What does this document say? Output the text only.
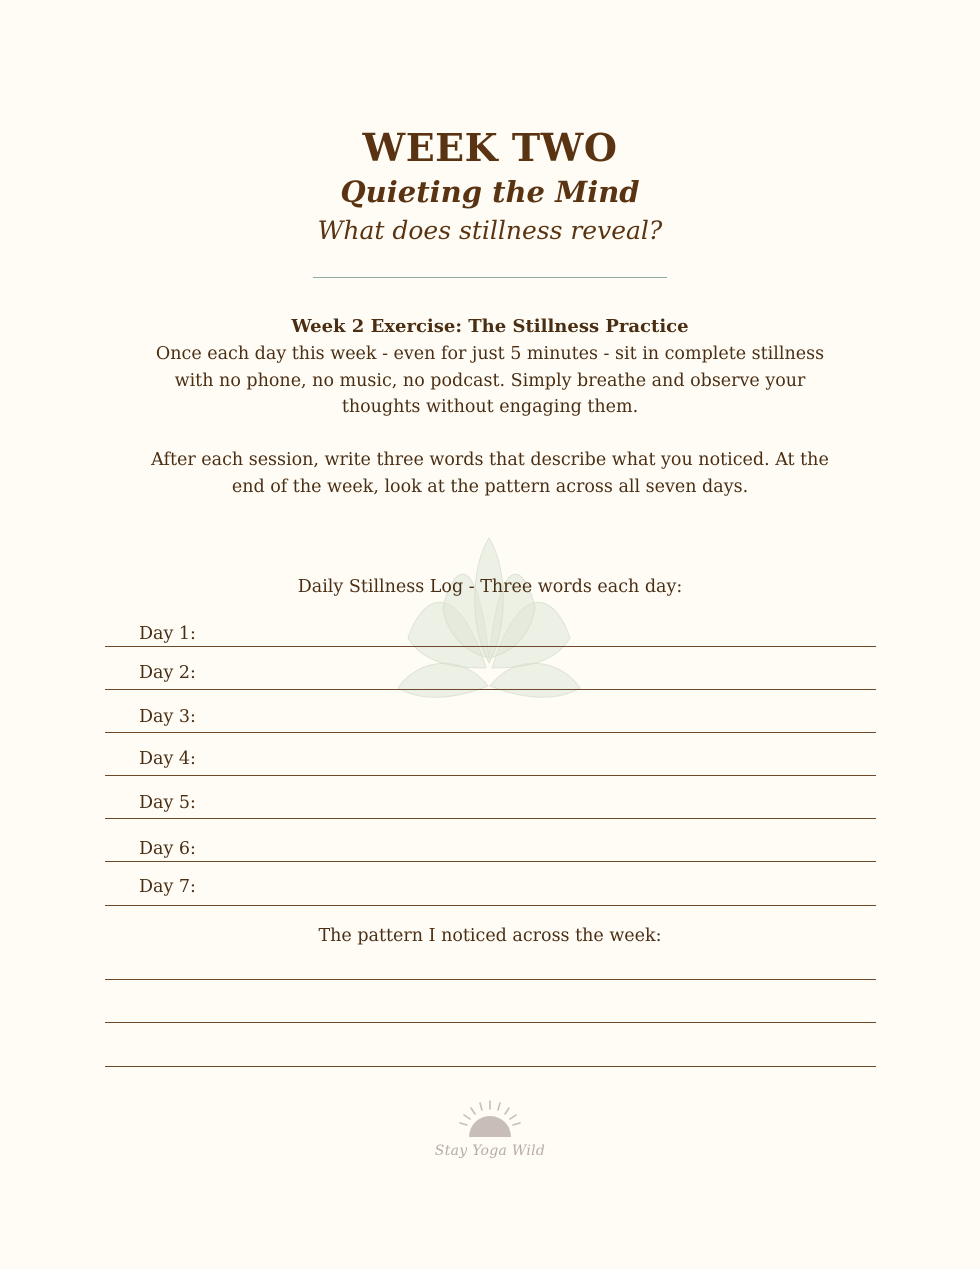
WEEK TWO
Quieting the Mind
What does stillness reveal?
Week 2 Exercise: The Stillness Practice
Once each day this week - even for just 5 minutes - sit in complete stillness
with no phone, no music, no podcast. Simply breathe and observe your
thoughts without engaging them.
After each session, write three words that describe what you noticed. At the
end of the week, look at the pattern across all seven days.
Daily Stillness Log - Three words each day:
Day 1:
Day 2:
Day 3:
Day 4:
Day 5:
Day 6:
Day 7:
The pattern I noticed across the week:
Stay Yoga Wild
